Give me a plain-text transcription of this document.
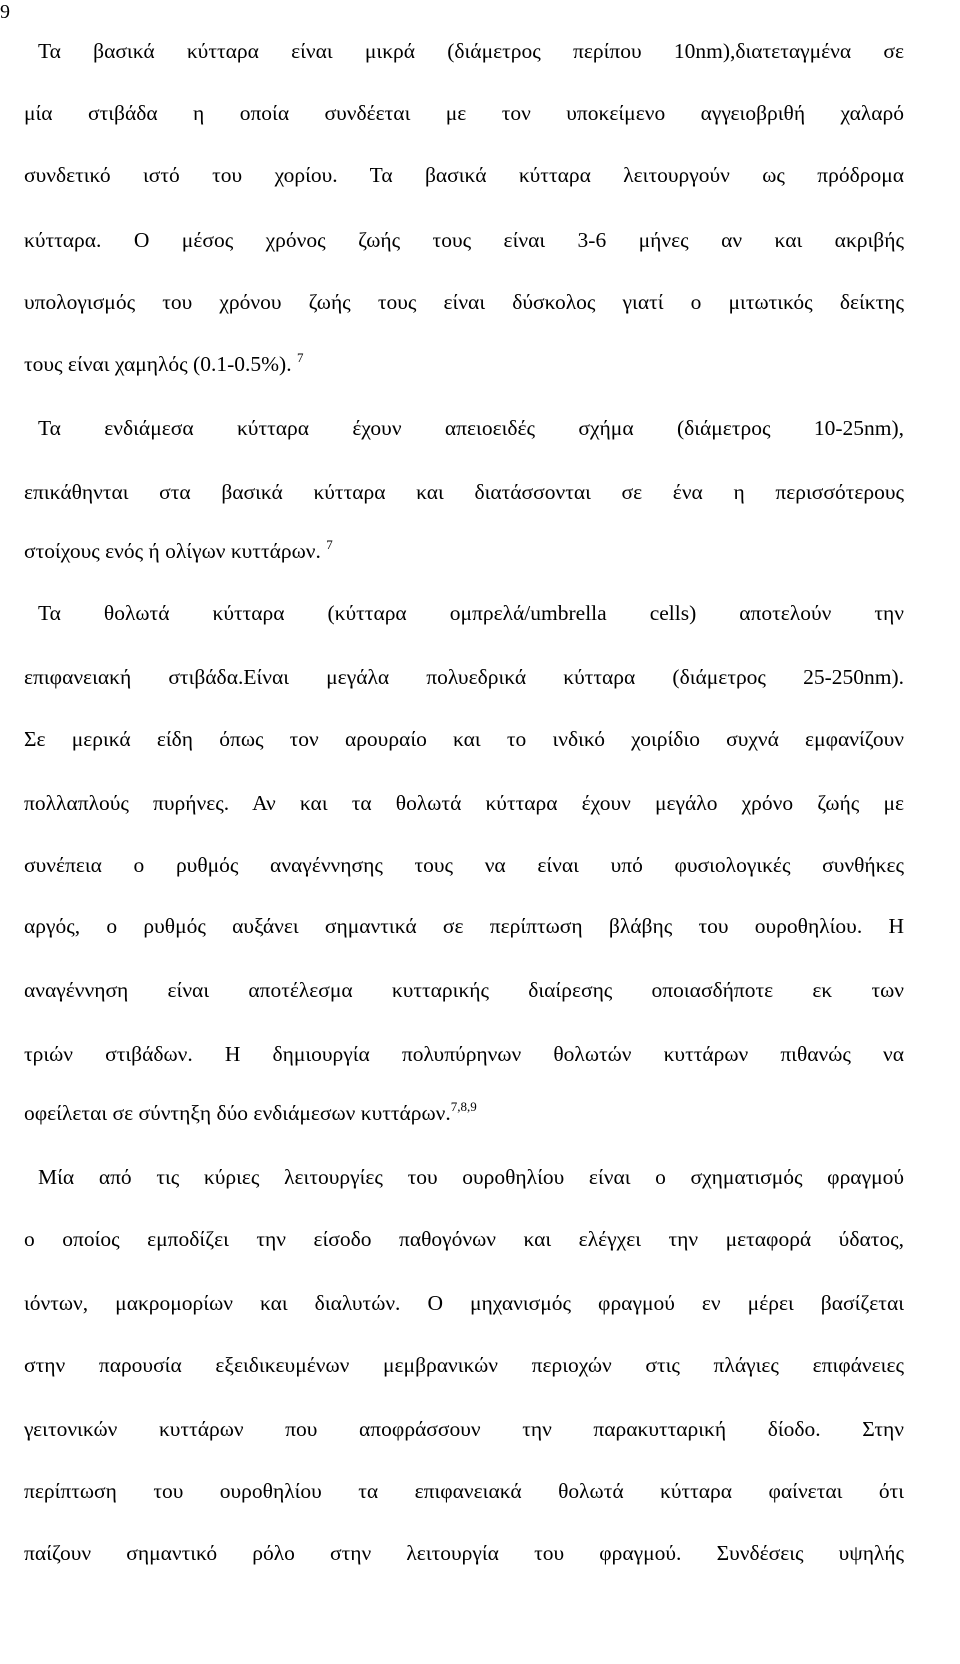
9
Τα βασικά κύτταρα είναι μικρά (διάμετρος περίπου 10nm),διατεταγμένα σε
μία στιβάδα η οποία συνδέεται με τον υποκείμενο αγγειοβριθή χαλαρό
συνδετικό ιστό του χορίου. Τα βασικά κύτταρα λειτουργούν ως πρόδρομα
κύτταρα. Ο μέσος χρόνος ζωής τους είναι 3-6 μήνες αν και ακριβής
υπολογισμός του χρόνου ζωής τους είναι δύσκολος γιατί ο μιτωτικός δείκτης
τους είναι χαμηλός (0.1-0.5%). $^7$
Τα ενδιάμεσα κύτταρα έχουν απειοειδές σχήμα (διάμετρος 10-25nm),
επικάθηνται στα βασικά κύτταρα και διατάσσονται σε ένα η περισσότερους
στοίχους ενός ή ολίγων κυττάρων. $^7$
Τα θολωτά κύτταρα (κύτταρα ομπρελά/umbrella cells) αποτελούν την
επιφανειακή στιβάδα.Είναι μεγάλα πολυεδρικά κύτταρα (διάμετρος 25-250nm).
Σε μερικά είδη όπως τον αρουραίο και το ινδικό χοιρίδιο συχνά εμφανίζουν
πολλαπλούς πυρήνες. Αν και τα θολωτά κύτταρα έχουν μεγάλο χρόνο ζωής με
συνέπεια ο ρυθμός αναγέννησης τους να είναι υπό φυσιολογικές συνθήκες
αργός, ο ρυθμός αυξάνει σημαντικά σε περίπτωση βλάβης του ουροθηλίου. Η
αναγέννηση είναι αποτέλεσμα κυτταρικής διαίρεσης οποιασδήποτε εκ των
τριών στιβάδων. Η δημιουργία πολυπύρηνων θολωτών κυττάρων πιθανώς να
οφείλεται σε σύντηξη δύο ενδιάμεσων κυττάρων.$^{7,8,9}$
Μία από τις κύριες λειτουργίες του ουροθηλίου είναι ο σχηματισμός φραγμού
ο οποίος εμποδίζει την είσοδο παθογόνων και ελέγχει την μεταφορά ύδατος,
ιόντων, μακρομορίων και διαλυτών. Ο μηχανισμός φραγμού εν μέρει βασίζεται
στην παρουσία εξειδικευμένων μεμβρανικών περιοχών στις πλάγιες επιφάνειες
γειτονικών κυττάρων που αποφράσσουν την παρακυτταρική δίοδο. Στην
περίπτωση του ουροθηλίου τα επιφανειακά θολωτά κύτταρα φαίνεται ότι
παίζουν σημαντικό ρόλο στην λειτουργία του φραγμού. Συνδέσεις υψηλής
